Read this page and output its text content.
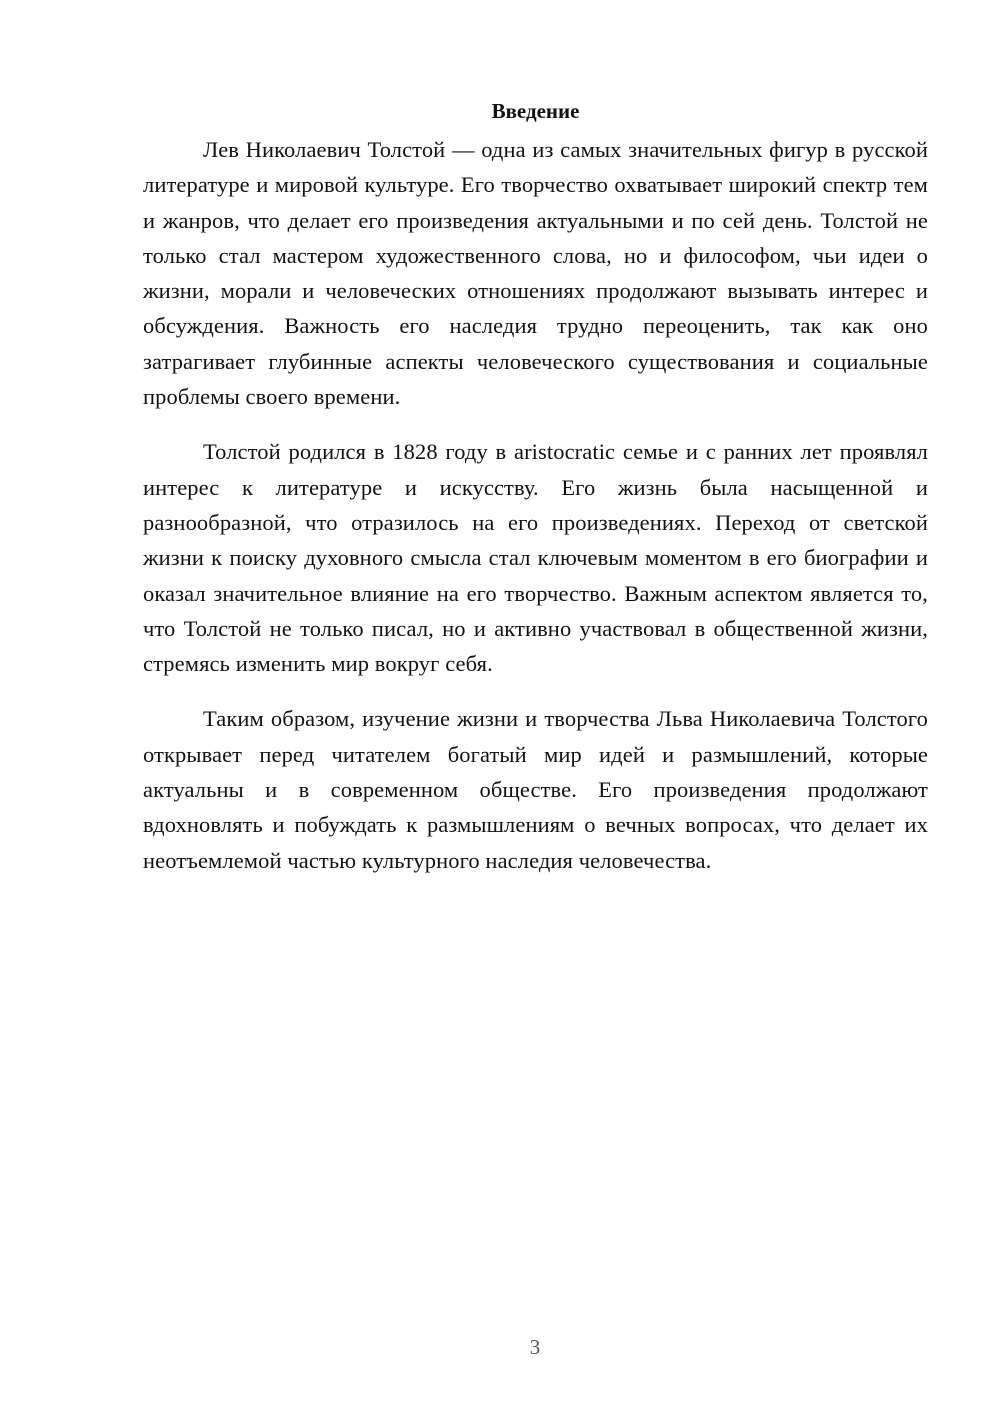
Введение

Лев Николаевич Толстой — одна из самых значительных фигур в русской литературе и мировой культуре. Его творчество охватывает широкий спектр тем и жанров, что делает его произведения актуальными и по сей день. Толстой не только стал мастером художественного слова, но и философом, чьи идеи о жизни, морали и человеческих отношениях продолжают вызывать интерес и обсуждения. Важность его наследия трудно переоценить, так как оно затрагивает глубинные аспекты человеческого существования и социальные проблемы своего времени.

Толстой родился в 1828 году в aristocratic семье и с ранних лет проявлял интерес к литературе и искусству. Его жизнь была насыщенной и разнообразной, что отразилось на его произведениях. Переход от светской жизни к поиску духовного смысла стал ключевым моментом в его биографии и оказал значительное влияние на его творчество. Важным аспектом является то, что Толстой не только писал, но и активно участвовал в общественной жизни, стремясь изменить мир вокруг себя.

Таким образом, изучение жизни и творчества Льва Николаевича Толстого открывает перед читателем богатый мир идей и размышлений, которые актуальны и в современном обществе. Его произведения продолжают вдохновлять и побуждать к размышлениям о вечных вопросах, что делает их неотъемлемой частью культурного наследия человечества.

3
